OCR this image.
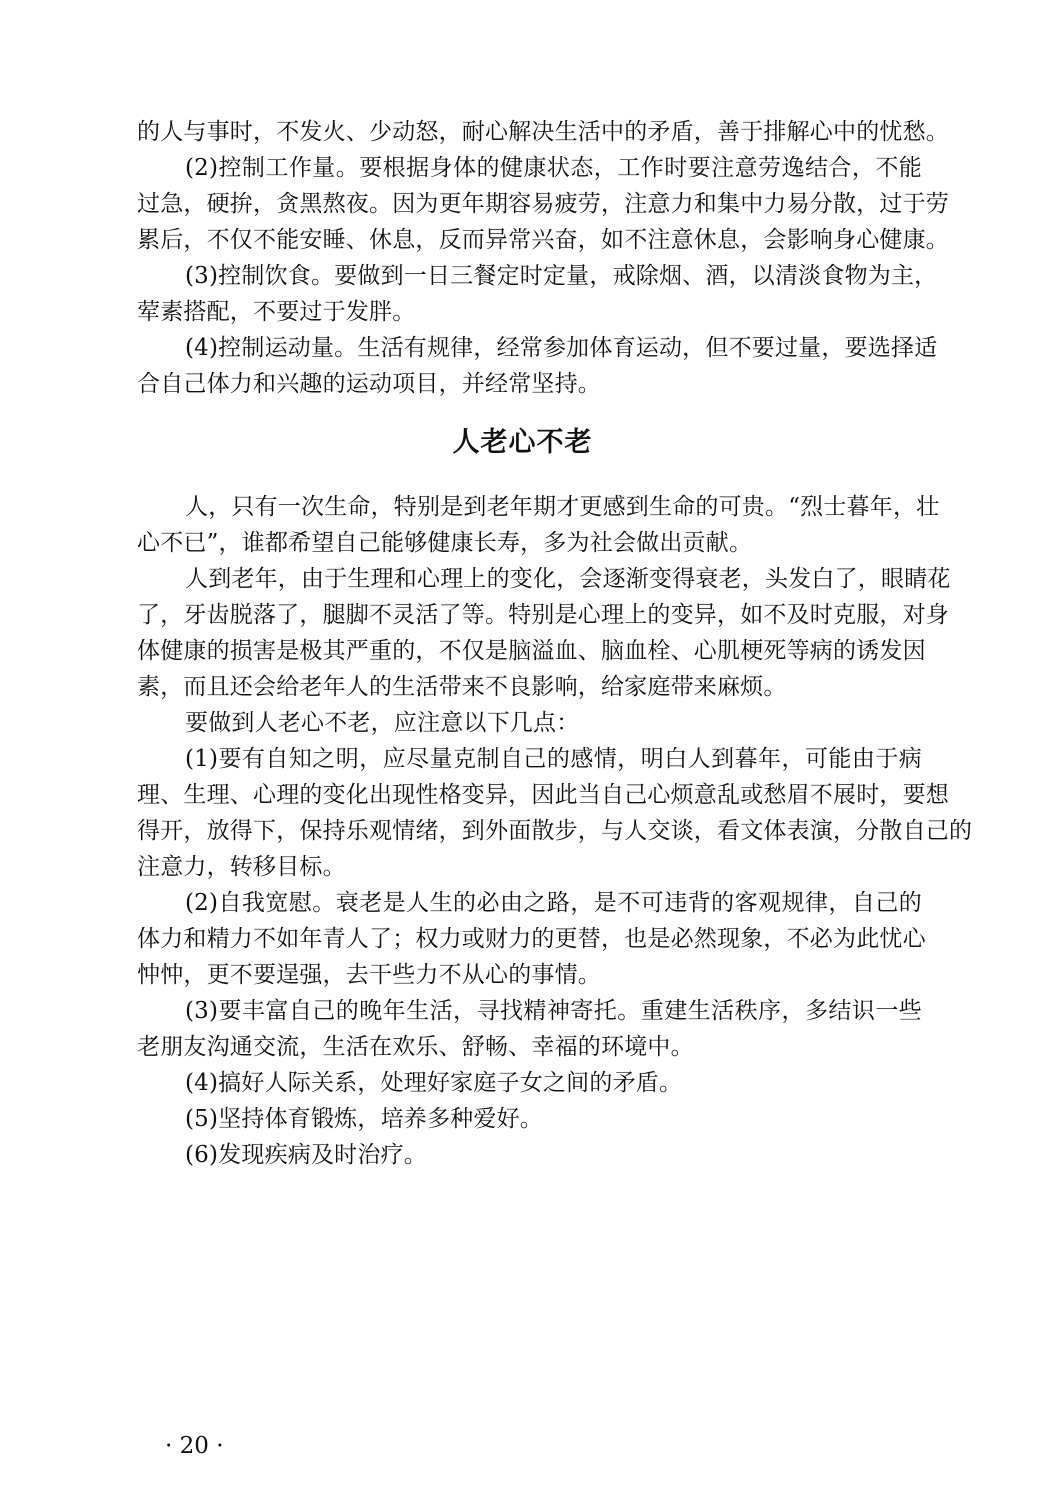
的人与事时，不发火、少动怒，耐心解决生活中的矛盾，善于排解心中的忧愁。
(2)控制工作量。要根据身体的健康状态，工作时要注意劳逸结合，不能
过急，硬拚，贪黑熬夜。因为更年期容易疲劳，注意力和集中力易分散，过于劳
累后，不仅不能安睡、休息，反而异常兴奋，如不注意休息，会影响身心健康。
(3)控制饮食。要做到一日三餐定时定量，戒除烟、酒，以清淡食物为主，
荤素搭配，不要过于发胖。
(4)控制运动量。生活有规律，经常参加体育运动，但不要过量，要选择适
合自己体力和兴趣的运动项目，并经常坚持。
人老心不老
人，只有一次生命，特别是到老年期才更感到生命的可贵。“烈士暮年，壮
心不已”，谁都希望自己能够健康长寿，多为社会做出贡献。
人到老年，由于生理和心理上的变化，会逐渐变得衰老，头发白了，眼睛花
了，牙齿脱落了，腿脚不灵活了等。特别是心理上的变异，如不及时克服，对身
体健康的损害是极其严重的，不仅是脑溢血、脑血栓、心肌梗死等病的诱发因
素，而且还会给老年人的生活带来不良影响，给家庭带来麻烦。
要做到人老心不老，应注意以下几点：
(1)要有自知之明，应尽量克制自己的感情，明白人到暮年，可能由于病
理、生理、心理的变化出现性格变异，因此当自己心烦意乱或愁眉不展时，要想
得开，放得下，保持乐观情绪，到外面散步，与人交谈，看文体表演，分散自己的
注意力，转移目标。
(2)自我宽慰。衰老是人生的必由之路，是不可违背的客观规律，自己的
体力和精力不如年青人了；权力或财力的更替，也是必然现象，不必为此忧心
忡忡，更不要逞强，去干些力不从心的事情。
(3)要丰富自己的晚年生活，寻找精神寄托。重建生活秩序，多结识一些
老朋友沟通交流，生活在欢乐、舒畅、幸福的环境中。
(4)搞好人际关系，处理好家庭子女之间的矛盾。
(5)坚持体育锻炼，培养多种爱好。
(6)发现疾病及时治疗。
· 20 ·
